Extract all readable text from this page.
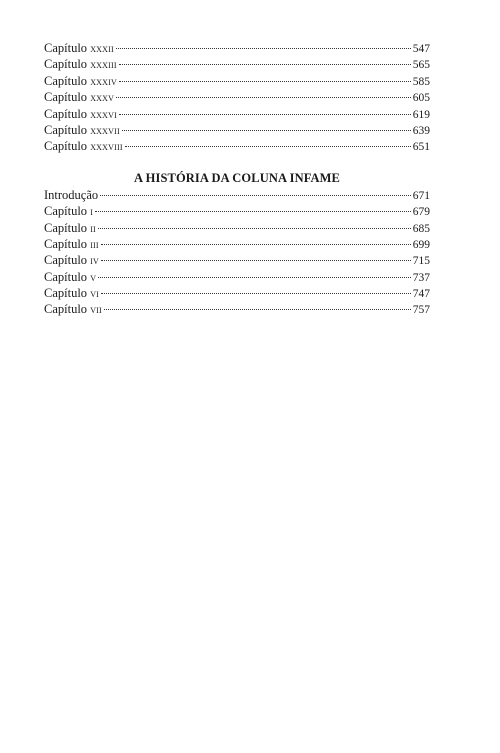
Capítulo xxxii	547
Capítulo xxxiii	565
Capítulo xxxiv	585
Capítulo xxxv	605
Capítulo xxxvi	619
Capítulo xxxvii	639
Capítulo xxxviii	651
A HISTÓRIA DA COLUNA INFAME
Introdução	671
Capítulo i	679
Capítulo ii	685
Capítulo iii	699
Capítulo iv	715
Capítulo v	737
Capítulo vi	747
Capítulo vii	757
